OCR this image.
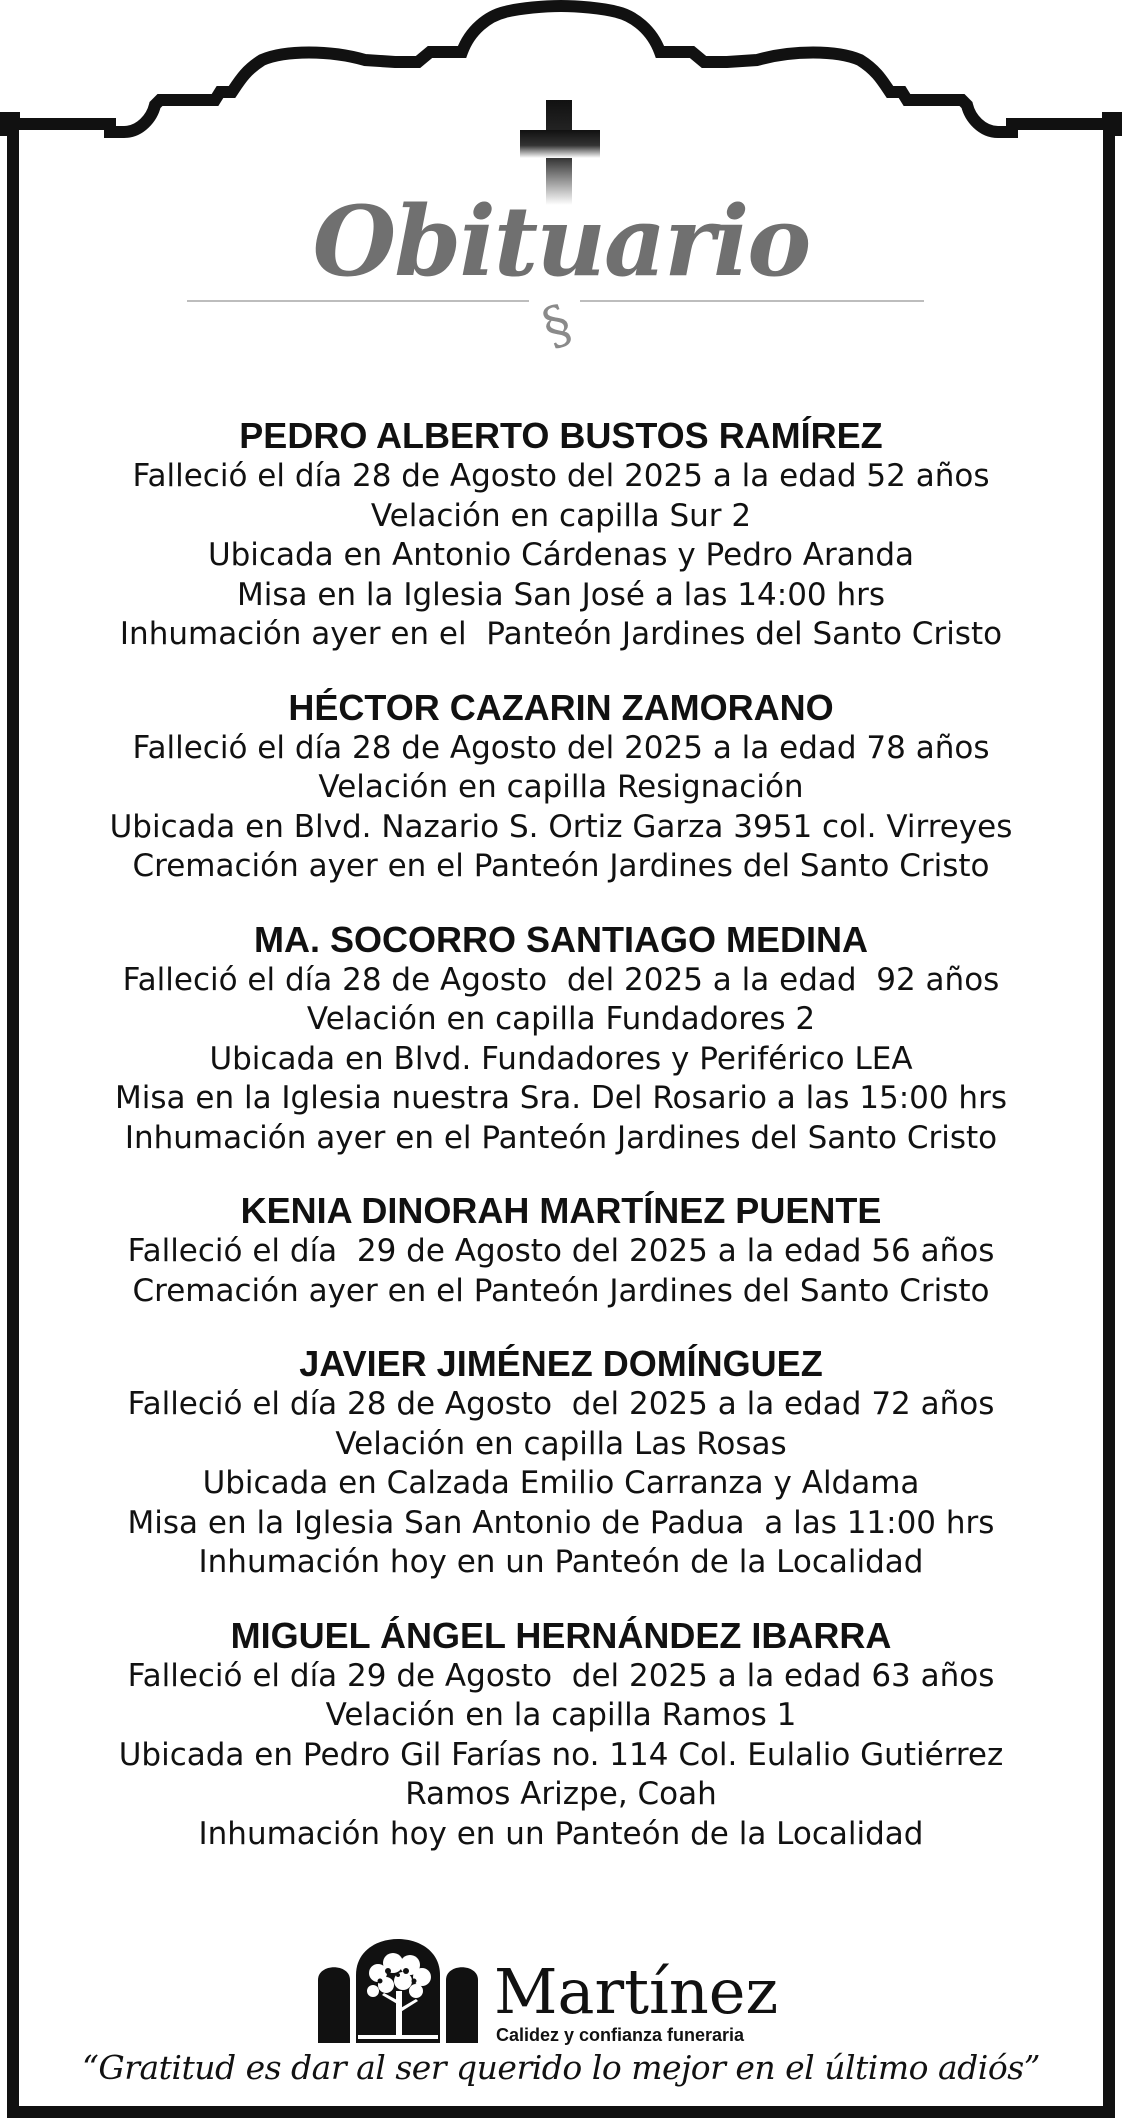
Obituario
§
PEDRO ALBERTO BUSTOS RAMÍREZ
Falleció el día 28 de Agosto del 2025 a la edad 52 años
Velación en capilla Sur 2
Ubicada en Antonio Cárdenas y Pedro Aranda
Misa en la Iglesia San José a las 14:00 hrs
Inhumación ayer en el  Panteón Jardines del Santo Cristo
HÉCTOR CAZARIN ZAMORANO
Falleció el día 28 de Agosto del 2025 a la edad 78 años
Velación en capilla Resignación
Ubicada en Blvd. Nazario S. Ortiz Garza 3951 col. Virreyes
Cremación ayer en el Panteón Jardines del Santo Cristo
MA. SOCORRO SANTIAGO MEDINA
Falleció el día 28 de Agosto  del 2025 a la edad  92 años
Velación en capilla Fundadores 2
Ubicada en Blvd. Fundadores y Periférico LEA
Misa en la Iglesia nuestra Sra. Del Rosario a las 15:00 hrs
Inhumación ayer en el Panteón Jardines del Santo Cristo
KENIA DINORAH MARTÍNEZ PUENTE
Falleció el día  29 de Agosto del 2025 a la edad 56 años
Cremación ayer en el Panteón Jardines del Santo Cristo
JAVIER JIMÉNEZ DOMÍNGUEZ
Falleció el día 28 de Agosto  del 2025 a la edad 72 años
Velación en capilla Las Rosas
Ubicada en Calzada Emilio Carranza y Aldama
Misa en la Iglesia San Antonio de Padua  a las 11:00 hrs
Inhumación hoy en un Panteón de la Localidad
MIGUEL ÁNGEL HERNÁNDEZ IBARRA
Falleció el día 29 de Agosto  del 2025 a la edad 63 años
Velación en la capilla Ramos 1
Ubicada en Pedro Gil Farías no. 114 Col. Eulalio Gutiérrez
Ramos Arizpe, Coah
Inhumación hoy en un Panteón de la Localidad
Martínez
Calidez y confianza funeraria
“Gratitud es dar al ser querido lo mejor en el último adiós”
